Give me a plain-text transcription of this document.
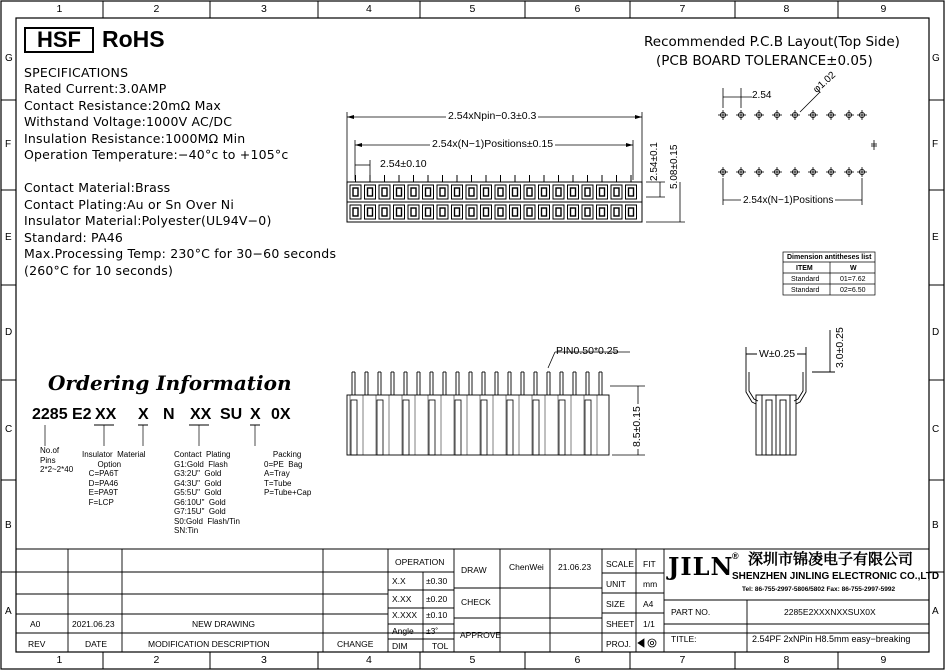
1
1
2
2
3
3
4
4
5
5
6
6
7
7
8
8
9
9
G	G
F	F
E	E
D	D
C	C
B	B
A	A
HSF RoHS
SPECIFICATIONS
Rated Current:3.0AMP
Contact Resistance:20mΩ Max
Withstand Voltage:1000V AC/DC
Insulation Resistance:1000MΩ Min
Operation Temperature:−40°c to +105°c
Contact Material:Brass
Contact Plating:Au or Sn Over Ni
Insulator Material:Polyester(UL94V−0)
Standard: PA46
Max.Processing Temp: 230°C for 30−60 seconds
(260°C for 10 seconds)
Recommended P.C.B Layout(Top Side)
(PCB BOARD TOLERANCE±0.05)
2.54
φ1.02
2.54x(N−1)Positions
2.54xNpin−0.3±0.3
2.54x(N−1)Positions±0.15
2.54±0.10	2.54±0.1 5.08±0.15
Dimension antitheses list
ITEM	W
Standard	01=7.62
Standard	02=6.50
PIN0.50*0.25
8.5±0.15
W±0.25	3.0±0.25
Ordering Information
2285 E2 XX X N XX SU X 0X
No.of
Pins
2*2~2*40
Insulator  Material
Option
C=PA6T
D=PA46
E=PA9T
F=LCP
Contact  Plating
G1:Gold  Flash
G3:2U"  Gold
G4:3U"  Gold
G5:5U"  Gold
G6:10U"  Gold
G7:15U"  Gold
S0:Gold  Flash/Tin
SN:Tin
Packing
0=PE  Bag
A=Tray
T=Tube
P=Tube+Cap
A0	2021.06.23	NEW DRAWING
REV	DATE	MODIFICATION DESCRIPTION	CHANGE
OPERATION
X.X ±0.30
X.XX ±0.20
X.XXX ±0.10
Angle ±3˚
DIM	TOL
DRAW	ChenWei 21.06.23
CHECK
APPROVE
SCALE FIT
UNIT mm
SIZE A4
SHEET 1/1
PROJ.
JILN
® 深圳市锦凌电子有限公司
SHENZHEN JINLING ELECTRONIC CO.,LTD
Tel: 86-755-2997-5806/5802 Fax: 86-755-2997-5992
PART NO.	2285E2XXXNXXSUX0X
TITLE:	2.54PF 2xNPin H8.5mm easy−breaking
